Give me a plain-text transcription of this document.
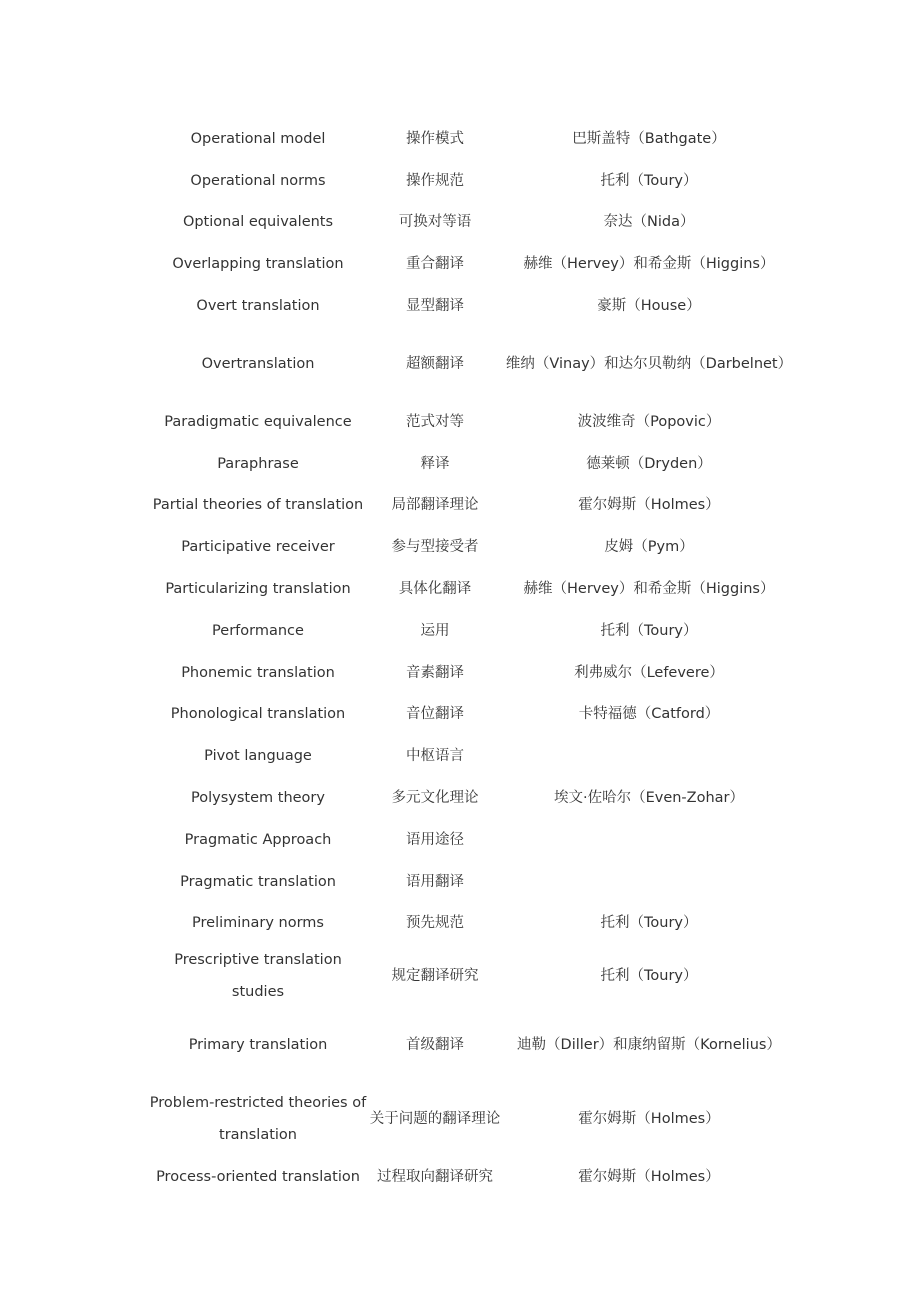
Operational model	操作模式	巴斯盖特（Bathgate）
Operational norms	操作规范	托利（Toury）
Optional equivalents	可换对等语	奈达（Nida）
Overlapping translation	重合翻译	赫维（Hervey）和希金斯（Higgins）
Overt translation	显型翻译	豪斯（House）
Overtranslation	超额翻译	维纳（Vinay）和达尔贝勒纳（Darbelnet）
Paradigmatic equivalence	范式对等	波波维奇（Popovic）
Paraphrase	释译	德莱顿（Dryden）
Partial theories of translation	局部翻译理论	霍尔姆斯（Holmes）
Participative receiver	参与型接受者	皮姆（Pym）
Particularizing translation	具体化翻译	赫维（Hervey）和希金斯（Higgins）
Performance	运用	托利（Toury）
Phonemic translation	音素翻译	利弗威尔（Lefevere）
Phonological translation	音位翻译	卡特福德（Catford）
Pivot language	中枢语言	
Polysystem theory	多元文化理论	埃文·佐哈尔（Even-Zohar）
Pragmatic Approach	语用途径	
Pragmatic translation	语用翻译	
Preliminary norms	预先规范	托利（Toury）
Prescriptive translation studies	规定翻译研究	托利（Toury）
Primary translation	首级翻译	迪勒（Diller）和康纳留斯（Kornelius）
Problem-restricted theories of translation	关于问题的翻译理论	霍尔姆斯（Holmes）
Process-oriented translation	过程取向翻译研究	霍尔姆斯（Holmes）
